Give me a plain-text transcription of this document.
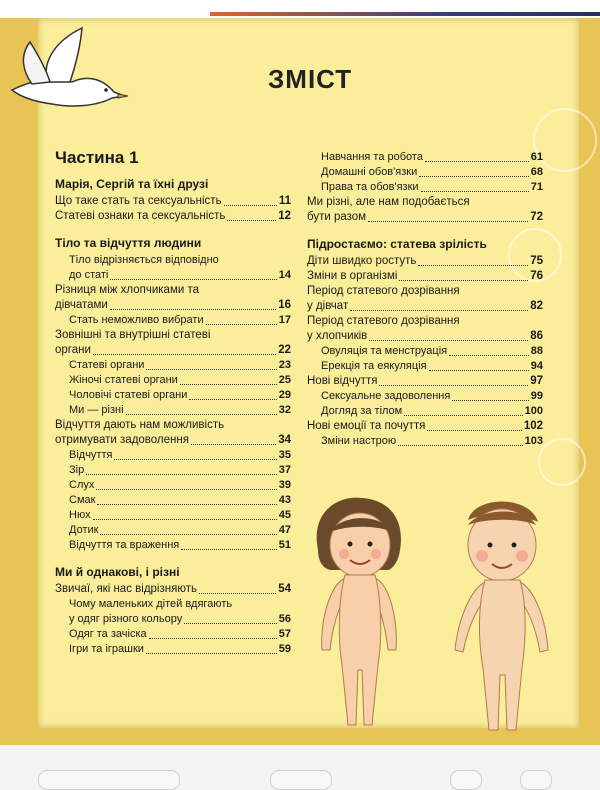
ЗМІСТ
Частина 1
Марія, Сергій та їхні друзі
Що таке стать та сексуальність	11
Статеві ознаки та сексуальність	12
Тіло та відчуття людини
Тіло відрізняється відповідно
до статі	14
Різниця між хлопчиками та
дівчатами	16
Стать неможливо вибрати	17
Зовнішні та внутрішні статеві
органи	22
Статеві органи	23
Жіночі статеві органи	25
Чоловічі статеві органи	29
Ми — різні	32
Відчуття дають нам можливість
отримувати задоволення	34
Відчуття	35
Зір	37
Слух	39
Смак	43
Нюх	45
Дотик	47
Відчуття та враження	51
Ми й однакові, і різні
Звичаї, які нас відрізняють	54
Чому маленьких дітей вдягають
у одяг різного кольору	56
Одяг та зачіска	57
Ігри та іграшки	59
Навчання та робота	61
Домашні обов'язки	68
Права та обов'язки	71
Ми різні, але нам подобається
бути разом	72
Підростаємо: статева зрілість
Діти швидко ростуть	75
Зміни в організмі	76
Період статевого дозрівання
у дівчат	82
Період статевого дозрівання
у хлопчиків	86
Овуляція та менструація	88
Ерекція та еякуляція	94
Нові відчуття	97
Сексуальне задоволення	99
Догляд за тілом	100
Нові емоції та почуття	102
Зміни настрою	103
